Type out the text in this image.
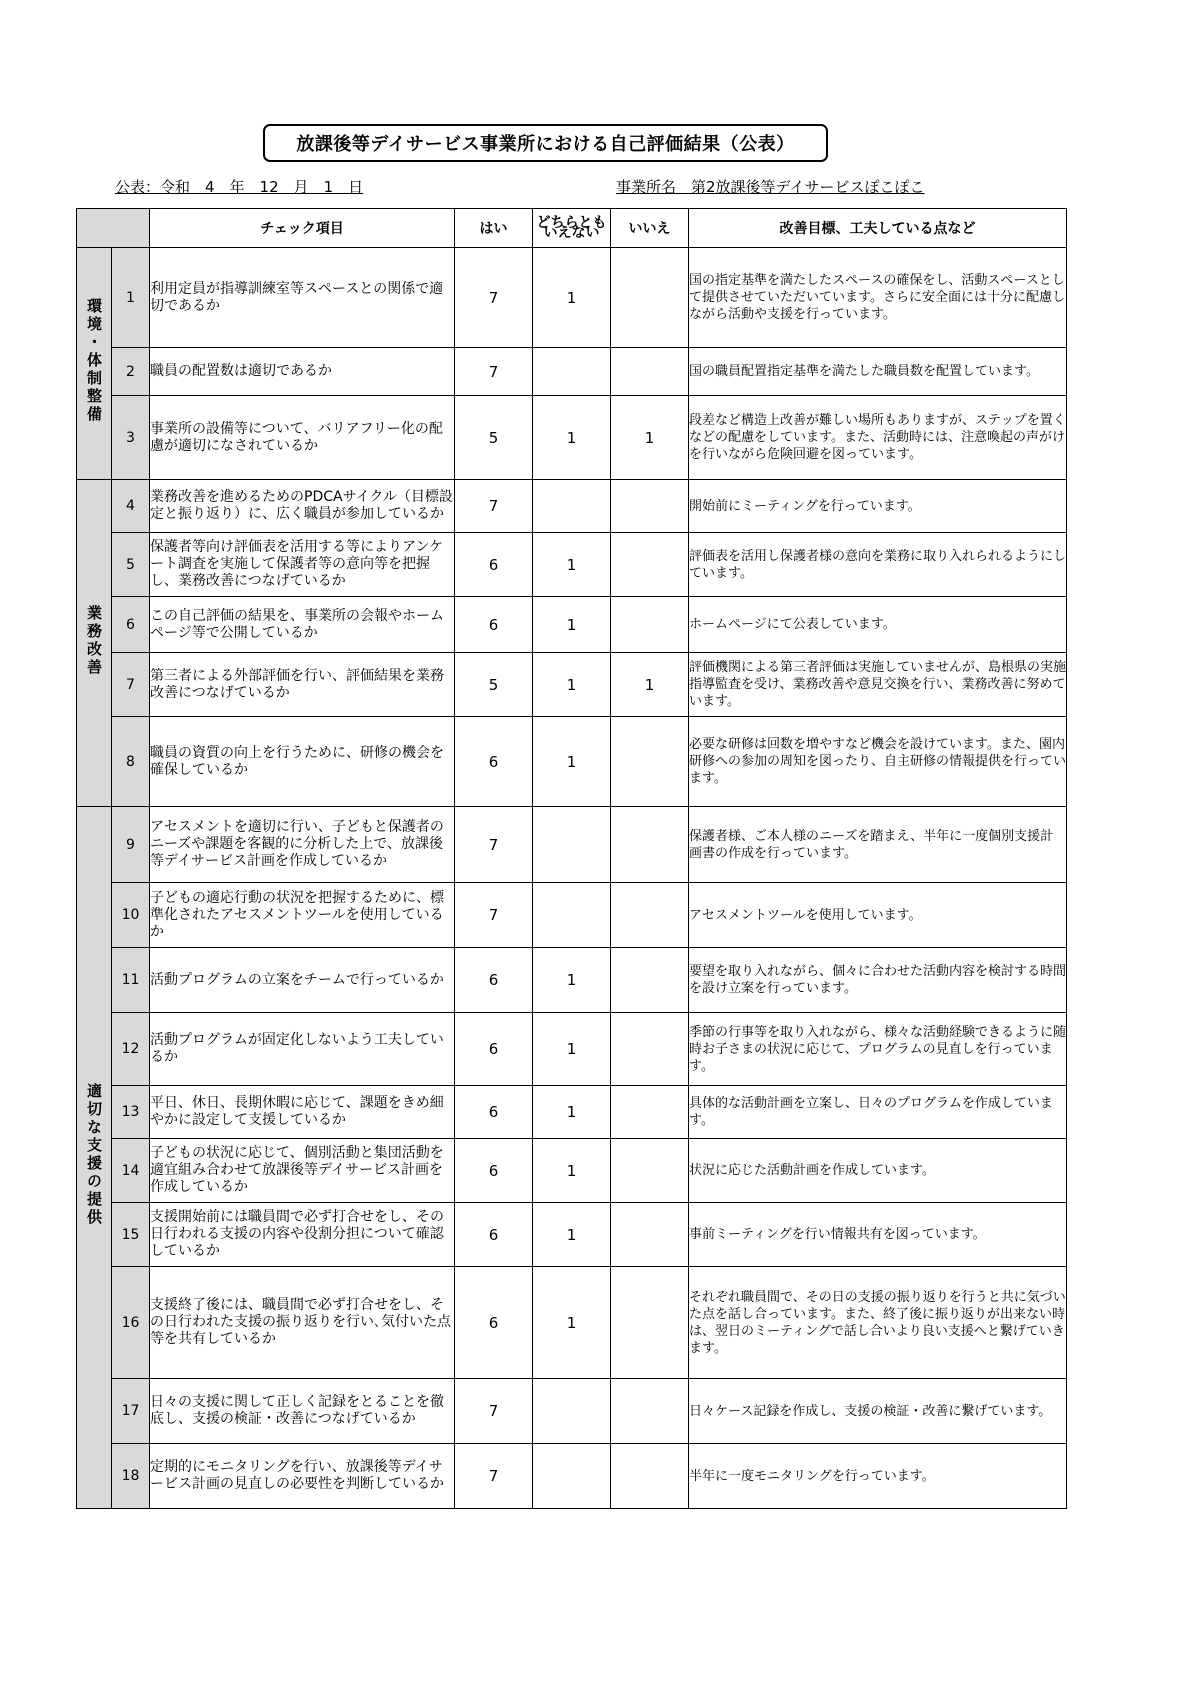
放課後等デイサービス事業所における自己評価結果（公表）
公表：令和　4　年　12　月　1　日	事業所名　第2放課後等デイサービスぽこぽこ
		チェック項目	はい	どちらとも いえない	いいえ	改善目標、工夫している点など
環境・体制整備	1	利用定員が指導訓練室等スペースとの関係で適切であるか	7	1		国の指定基準を満たしたスペースの確保をし、活動スペースとして提供させていただいています。さらに安全面には十分に配慮しながら活動や支援を行っています。
	2	職員の配置数は適切であるか	7			国の職員配置指定基準を満たした職員数を配置しています。
	3	事業所の設備等について、バリアフリー化の配慮が適切になされているか	5	1	1	段差など構造上改善が難しい場所もありますが、ステップを置くなどの配慮をしています。また、活動時には、注意喚起の声がけを行いながら危険回避を図っています。
業務改善	4	業務改善を進めるためのPDCAサイクル（目標設定と振り返り）に、広く職員が参加しているか	7			開始前にミーティングを行っています。
	5	保護者等向け評価表を活用する等によりアンケート調査を実施して保護者等の意向等を把握し、業務改善につなげているか	6	1		評価表を活用し保護者様の意向を業務に取り入れられるようにしています。
	6	この自己評価の結果を、事業所の会報やホームページ等で公開しているか	6	1		ホームページにて公表しています。
	7	第三者による外部評価を行い、評価結果を業務改善につなげているか	5	1	1	評価機関による第三者評価は実施していませんが、島根県の実施指導監査を受け、業務改善や意見交換を行い、業務改善に努めています。
	8	職員の資質の向上を行うために、研修の機会を確保しているか	6	1		必要な研修は回数を増やすなど機会を設けています。また、園内研修への参加の周知を図ったり、自主研修の情報提供を行っています。
適切な支援の提供	9	アセスメントを適切に行い、子どもと保護者のニーズや課題を客観的に分析した上で、放課後等デイサービス計画を作成しているか	7			保護者様、ご本人様のニーズを踏まえ、半年に一度個別支援計画書の作成を行っています。
	10	子どもの適応行動の状況を把握するために、標準化されたアセスメントツールを使用しているか	7			アセスメントツールを使用しています。
	11	活動プログラムの立案をチームで行っているか	6	1		要望を取り入れながら、個々に合わせた活動内容を検討する時間を設け立案を行っています。
	12	活動プログラムが固定化しないよう工夫しているか	6	1		季節の行事等を取り入れながら、様々な活動経験できるように随時お子さまの状況に応じて、プログラムの見直しを行っています。
	13	平日、休日、長期休暇に応じて、課題をきめ細やかに設定して支援しているか	6	1		具体的な活動計画を立案し、日々のプログラムを作成しています。
	14	子どもの状況に応じて、個別活動と集団活動を適宜組み合わせて放課後等デイサービス計画を作成しているか	6	1		状況に応じた活動計画を作成しています。
	15	支援開始前には職員間で必ず打合せをし、その日行われる支援の内容や役割分担について確認しているか	6	1		事前ミーティングを行い情報共有を図っています。
	16	支援終了後には、職員間で必ず打合せをし、その日行われた支援の振り返りを行い､気付いた点等を共有しているか	6	1		それぞれ職員間で、その日の支援の振り返りを行うと共に気づいた点を話し合っています。また、終了後に振り返りが出来ない時は、翌日のミーティングで話し合いより良い支援へと繋げていきます。
	17	日々の支援に関して正しく記録をとることを徹底し、支援の検証・改善につなげているか	7			日々ケース記録を作成し、支援の検証・改善に繋げています。
	18	定期的にモニタリングを行い、放課後等デイサービス計画の見直しの必要性を判断しているか	7			半年に一度モニタリングを行っています。
